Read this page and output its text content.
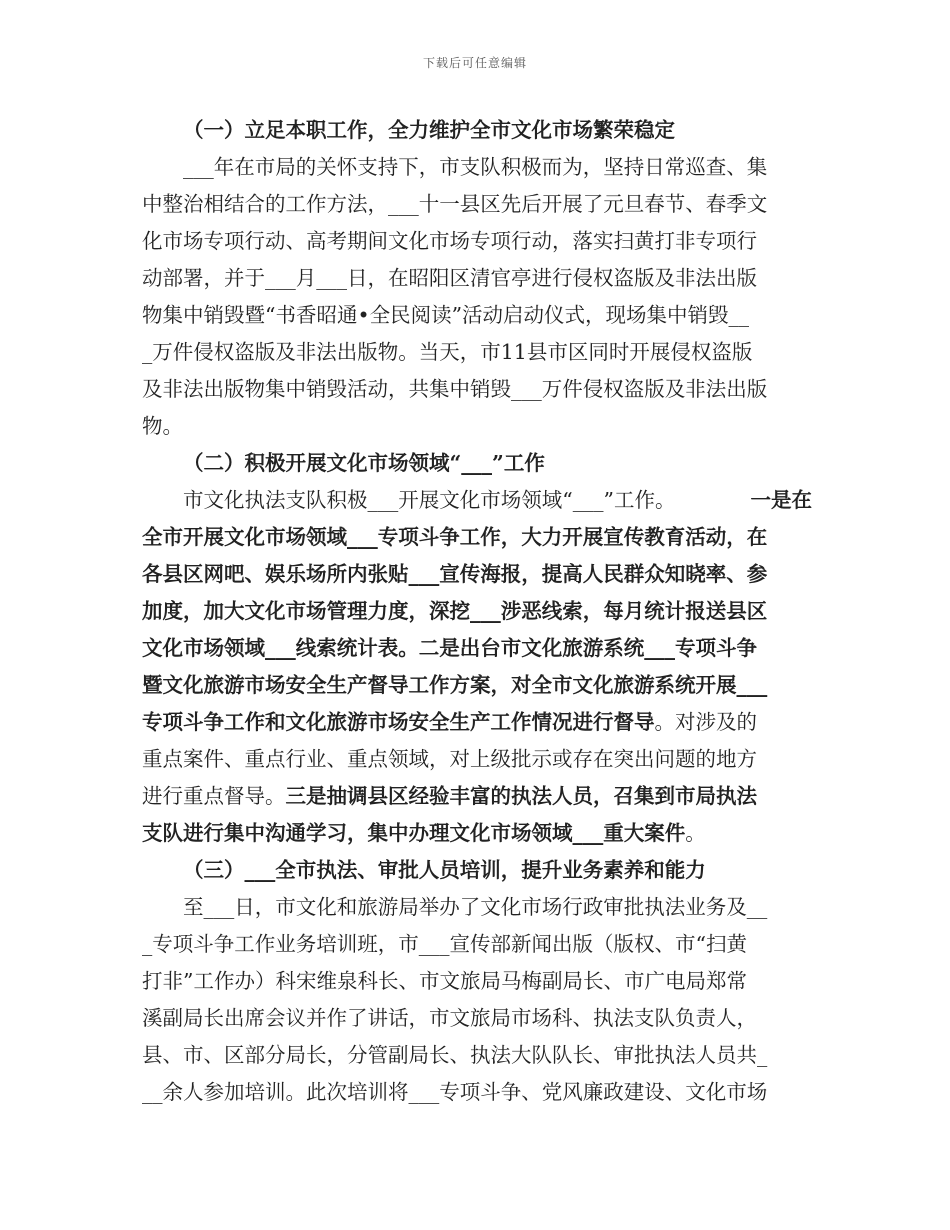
下载后可任意编辑
（一）立足本职工作，全力维护全市文化市场繁荣稳定
___年在市局的关怀支持下，市支队积极而为，坚持日常巡查、集
中整治相结合的工作方法，___十一县区先后开展了元旦春节、春季文
化市场专项行动、高考期间文化市场专项行动，落实扫黄打非专项行
动部署，并于___月___日，在昭阳区清官亭进行侵权盗版及非法出版
物集中销毁暨“书香昭通•全民阅读”活动启动仪式，现场集中销毁__
_万件侵权盗版及非法出版物。当天，市11县市区同时开展侵权盗版
及非法出版物集中销毁活动，共集中销毁___万件侵权盗版及非法出版
物。
（二）积极开展文化市场领域“___”工作
市文化执法支队积极___开展文化市场领域“___”工作。	一是在
全市开展文化市场领域___专项斗争工作，大力开展宣传教育活动，在
各县区网吧、娱乐场所内张贴___宣传海报，提高人民群众知晓率、参
加度，加大文化市场管理力度，深挖___涉恶线索，每月统计报送县区
文化市场领域___线索统计表。二是出台市文化旅游系统___专项斗争
暨文化旅游市场安全生产督导工作方案，对全市文化旅游系统开展___
专项斗争工作和文化旅游市场安全生产工作情况进行督导 。对涉及的
重点案件、重点行业、重点领域，对上级批示或存在突出问题的地方
进行重点督导。 三是抽调县区经验丰富的执法人员，召集到市局执法
支队进行集中沟通学习，集中办理文化市场领域___重大案件 。
（三）___全市执法、审批人员培训，提升业务素养和能力
至___日，市文化和旅游局举办了文化市场行政审批执法业务及__
_专项斗争工作业务培训班，市___宣传部新闻出版（版权、市“扫黄
打非”工作办）科宋维泉科长、市文旅局马梅副局长、市广电局郑常
溪副局长出席会议并作了讲话，市文旅局市场科、执法支队负责人，
县、市、区部分局长，分管副局长、执法大队队长、审批执法人员共_
__余人参加培训。此次培训将___专项斗争、党风廉政建设、文化市场
